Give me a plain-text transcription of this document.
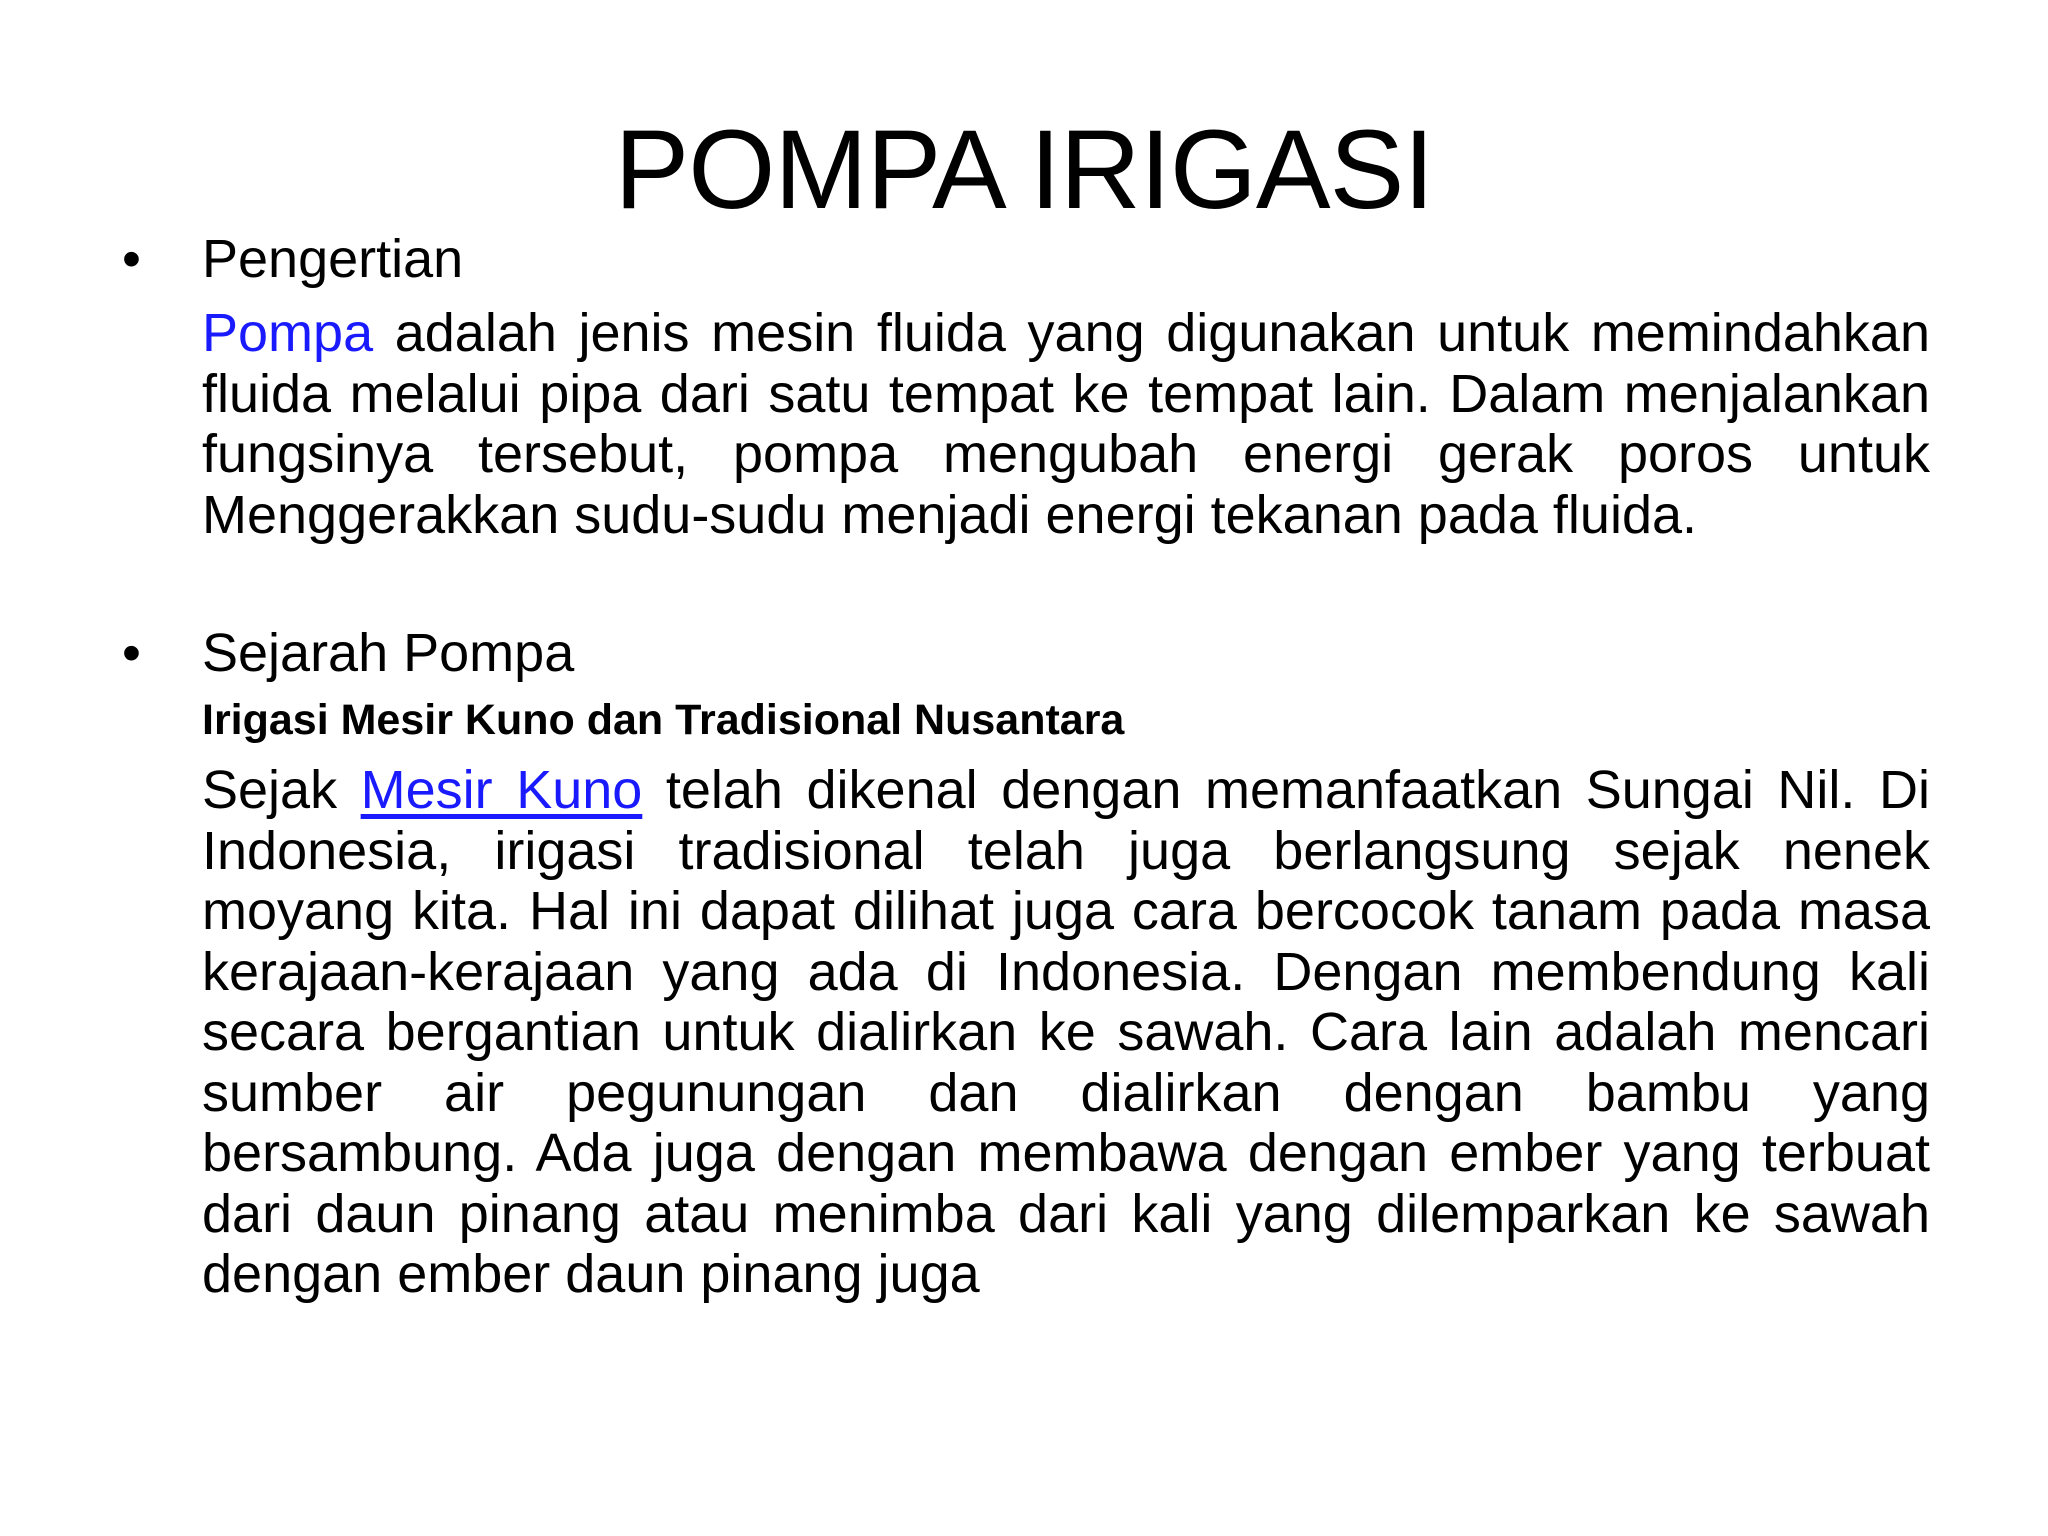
POMPA IRIGASI
•	Pengertian
Pompa adalah jenis mesin fluida yang digunakan untuk memindahkan fluida melalui pipa dari satu tempat ke tempat lain. Dalam menjalankan fungsinya tersebut, pompa mengubah energi gerak poros untuk Menggerakkan sudu-sudu menjadi energi tekanan pada fluida.
•	Sejarah Pompa
Irigasi Mesir Kuno dan Tradisional Nusantara
Sejak Mesir Kuno telah dikenal dengan memanfaatkan Sungai Nil. Di Indonesia, irigasi tradisional telah juga berlangsung sejak nenek moyang kita. Hal ini dapat dilihat juga cara bercocok tanam pada masa kerajaan-kerajaan yang ada di Indonesia. Dengan membendung kali secara bergantian untuk dialirkan ke sawah. Cara lain adalah mencari sumber air pegunungan dan dialirkan dengan bambu yang bersambung. Ada juga dengan membawa dengan ember yang terbuat dari daun pinang atau menimba dari kali yang dilemparkan ke sawah dengan ember daun pinang juga
